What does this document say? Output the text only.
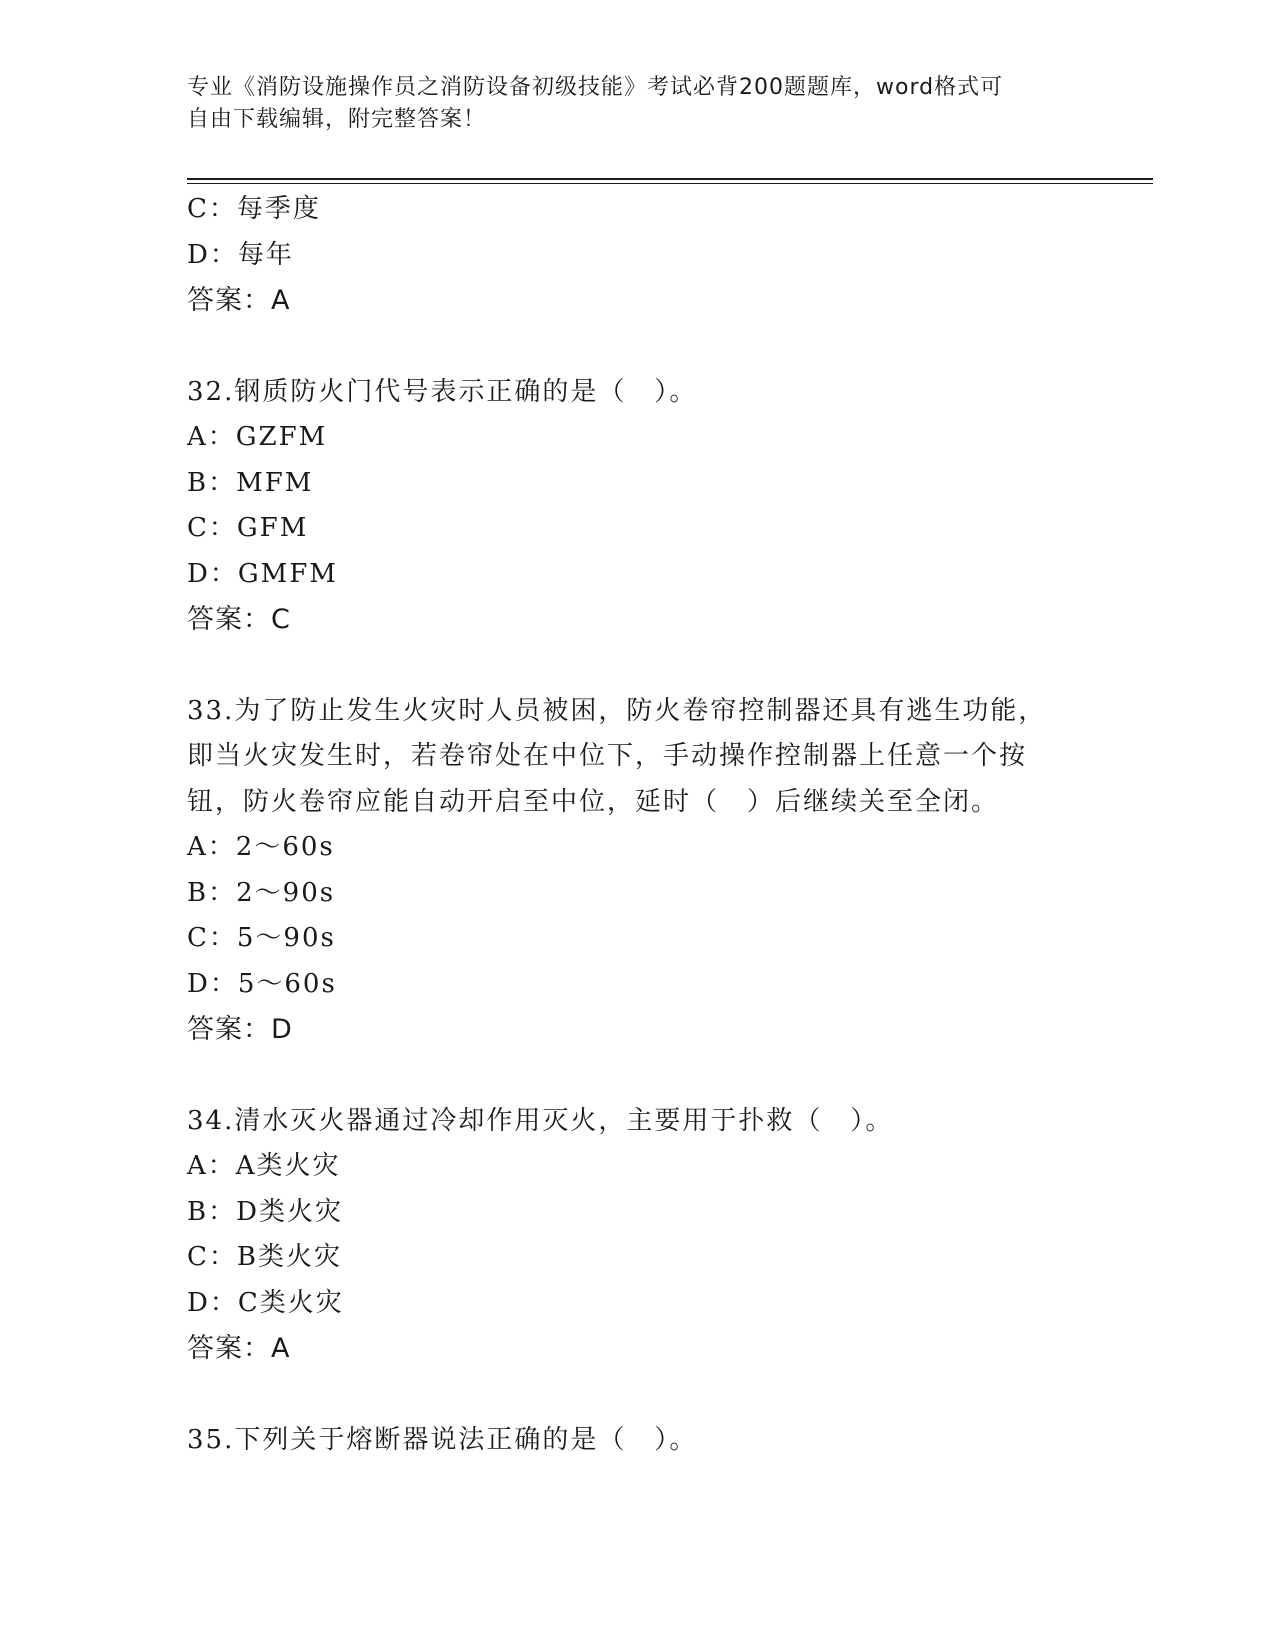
专业《消防设施操作员之消防设备初级技能》考试必背200题题库，word格式可
自由下载编辑，附完整答案！
C：每季度
D：每年
答案：A
32.钢质防火门代号表示正确的是（　）。
A：GZFM
B：MFM
C：GFM
D：GMFM
答案：C
33.为了防止发生火灾时人员被困，防火卷帘控制器还具有逃生功能，
即当火灾发生时，若卷帘处在中位下，手动操作控制器上任意一个按
钮，防火卷帘应能自动开启至中位，延时（　）后继续关至全闭。
A：2～60s
B：2～90s
C：5～90s
D：5～60s
答案：D
34.清水灭火器通过冷却作用灭火，主要用于扑救（　）。
A：A类火灾
B：D类火灾
C：B类火灾
D：C类火灾
答案：A
35.下列关于熔断器说法正确的是（　）。
